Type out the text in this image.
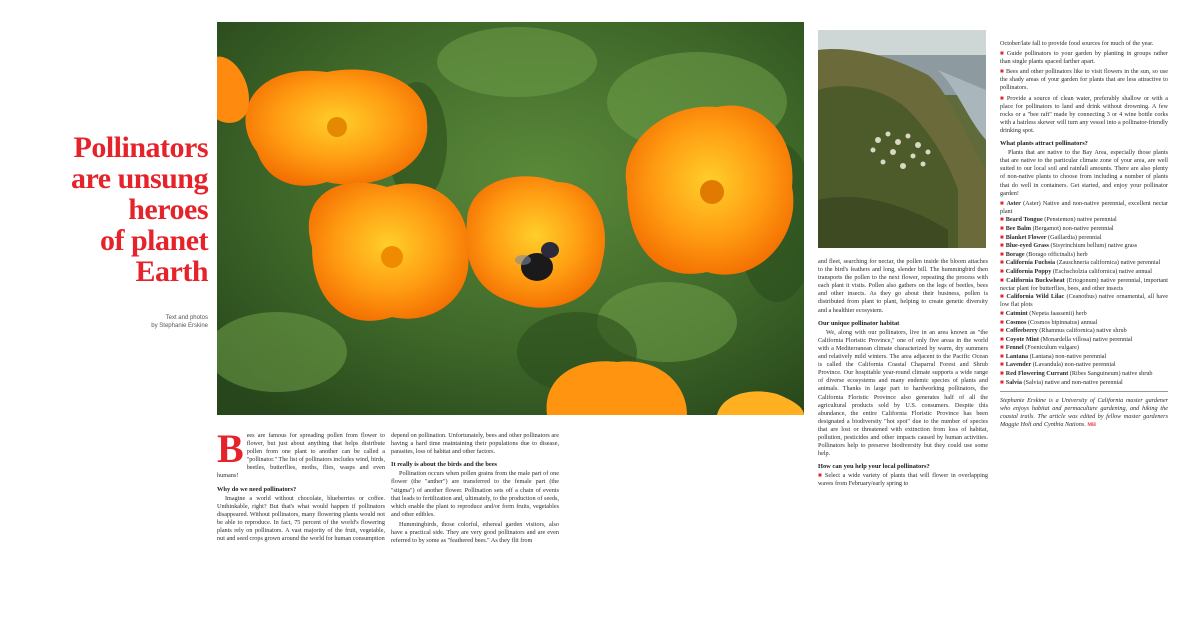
Pollinators
are unsung
heroes
of planet
Earth
Text and photos
by Stephanie Erskine

B ees are famous for spreading pollen from flower to flower, but just about anything that helps distribute pollen from one plant to another can be called a "pollinator." The list of pollinators includes wind, birds, beetles, butterflies, moths, flies, wasps and even humans!

Why do we need pollinators?

Imagine a world without chocolate, blueberries or coffee. Unthinkable, right? But that's what would happen if pollinators disappeared. Without pollinators, many flowering plants would not be able to reproduce. In fact, 75 percent of the world's flowering plants rely on pollinators. A vast majority of the fruit, vegetable, nut and seed crops grown around the world for human consumption

depend on pollination. Unfortunately, bees and other pollinators are having a hard time maintaining their populations due to disease, parasites, loss of habitat and other factors.

It really is about the birds and the bees

Pollination occurs when pollen grains from the male part of one flower (the "anther") are transferred to the female part (the "stigma") of another flower. Pollination sets off a chain of events that leads to fertilization and, ultimately, to the production of seeds, which enable the plant to reproduce and/or form fruits, vegetables and other edibles.

Hummingbirds, those colorful, ethereal garden visitors, also have a practical side. They are very good pollinators and are even referred to by some as "feathered bees." As they flit from

and fleet, searching for nectar, the pollen inside the bloom attaches to the bird's feathers and long, slender bill. The hummingbird then transports the pollen to the next flower, repeating the process with each plant it visits. Pollen also gathers on the legs of beetles, bees and other insects. As they go about their business, pollen is distributed from plant to plant, helping to create genetic diversity and a healthier ecosystem.

Our unique pollinator habitat

We, along with our pollinators, live in an area known as "the California Floristic Province," one of only five areas in the world with a Mediterranean climate characterized by warm, dry summers and relatively mild winters. The area adjacent to the Pacific Ocean is called the California Coastal Chaparral Forest and Shrub Province. Our hospitable year-round climate supports a wide range of diverse ecosystems and many endemic species of plants and animals. Thanks in large part to hardworking pollinators, the California Floristic Province also generates half of all the agricultural products sold by U.S. consumers. Despite this abundance, the entire California Floristic Province has been designated a biodiversity "hot spot" due to the number of species that are lost or threatened with extinction from loss of habitat, pollution, pesticides and other impacts caused by human activities. Pollinators help to preserve biodiversity but they could use some help.

How can you help your local pollinators?

■ Select a wide variety of plants that will flower in overlapping waves from February/early spring to

October/late fall to provide food sources for much of the year.

■ Guide pollinators to your garden by planting in groups rather than single plants spaced farther apart.

■ Bees and other pollinators like to visit flowers in the sun, so use the shady areas of your garden for plants that are less attractive to pollinators.

■ Provide a source of clean water, preferably shallow or with a place for pollinators to land and drink without drowning. A few rocks or a "bee raft" made by connecting 3 or 4 wine bottle corks with a hairless skewer will turn any vessel into a pollinator-friendly drinking spot.

What plants attract pollinators?

Plants that are native to the Bay Area, especially those plants that are native to the particular climate zone of your area, are well suited to our local soil and rainfall amounts. There are also plenty of non-native plants to choose from including a number of plants that do well in containers. Get started, and enjoy your pollinator garden!

■ Aster (Aster) Native and non-native perennial, excellent nectar plant
■ Beard Tongue (Penstemon) native perennial
■ Bee Balm (Bergamot) non-native perennial
■ Blanket Flower (Gaillardia) perennial
■ Blue-eyed Grass (Sisyrinchium bellum) native grass
■ Borage (Borago officinalis) herb
■ California Fuchsia (Zauschneria californica) native perennial
■ California Poppy (Eschscholzia californica) native annual
■ California Buckwheat (Eriogonum) native perennial, important nectar plant for butterflies, bees, and other insects
■ California Wild Lilac (Ceanothus) native ornamental, all have low flat plots
■ Catmint (Nepeta faassenii) herb
■ Cosmos (Cosmos bipinnatus) annual
■ Coffeeberry (Rhamnus californica) native shrub
■ Coyote Mint (Monardella villosa) native perennial
■ Fennel (Foeniculum vulgare)
■ Lantana (Lantana) non-native perennial
■ Lavender (Lavandula) non-native perennial
■ Red Flowering Currant (Ribes Sanguineum) native shrub
■ Salvia (Salvia) native and non-native perennial

Stephanie Erskine is a University of California master gardener who enjoys habitat and permaculture gardening, and hiking the coastal trails. The article was edited by fellow master gardeners Maggie Holt and Cynthia Nations. MH
